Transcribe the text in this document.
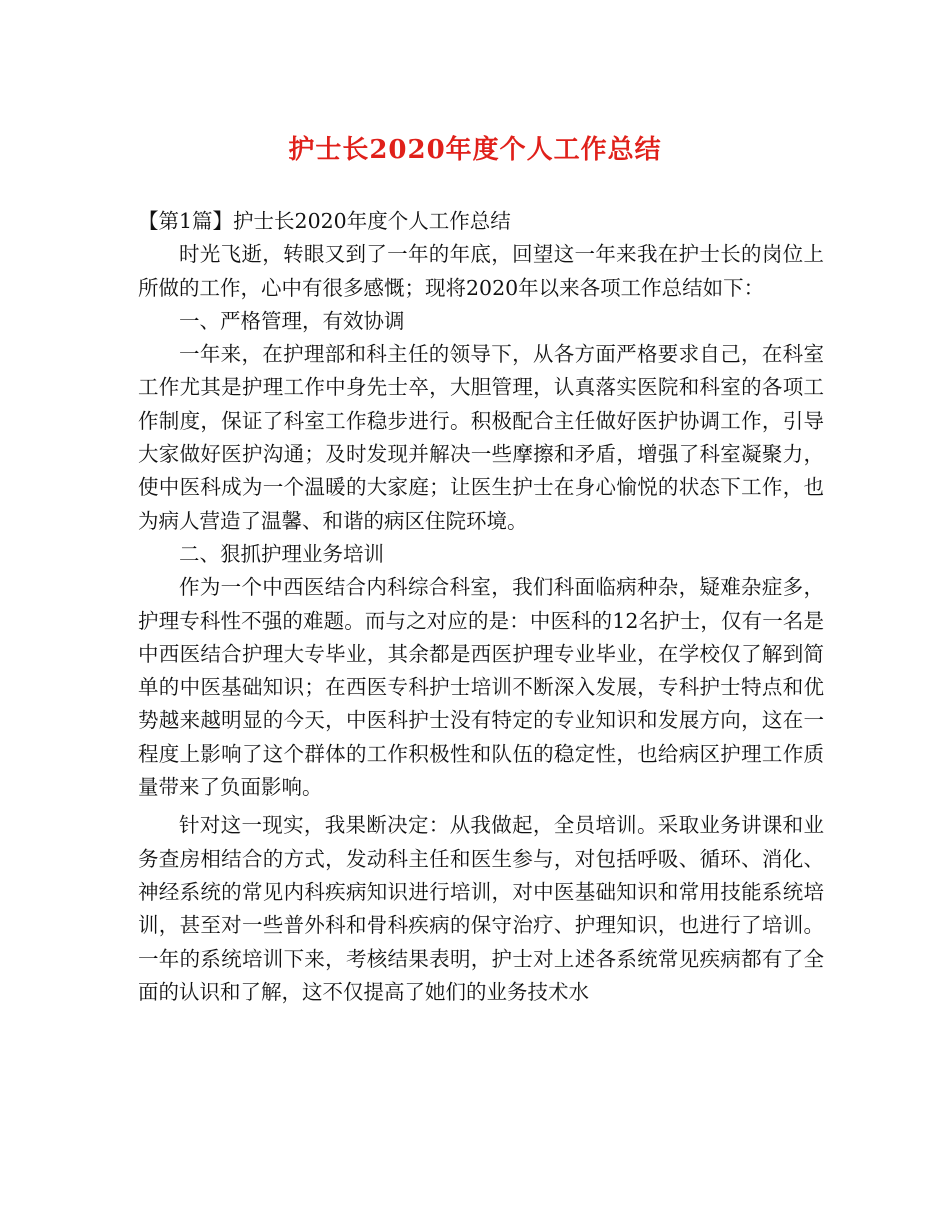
护士长2020年度个人工作总结

【第1篇】护士长2020年度个人工作总结

时光飞逝，转眼又到了一年的年底，回望这一年来我在护士长的岗位上所做的工作，心中有很多感慨；现将2020年以来各项工作总结如下：

一、严格管理，有效协调

一年来，在护理部和科主任的领导下，从各方面严格要求自己，在科室工作尤其是护理工作中身先士卒，大胆管理，认真落实医院和科室的各项工作制度，保证了科室工作稳步进行。积极配合主任做好医护协调工作，引导大家做好医护沟通；及时发现并解决一些摩擦和矛盾，增强了科室凝聚力，使中医科成为一个温暖的大家庭；让医生护士在身心愉悦的状态下工作，也为病人营造了温馨、和谐的病区住院环境。

二、狠抓护理业务培训

作为一个中西医结合内科综合科室，我们科面临病种杂，疑难杂症多，护理专科性不强的难题。而与之对应的是：中医科的12名护士，仅有一名是中西医结合护理大专毕业，其余都是西医护理专业毕业，在学校仅了解到简单的中医基础知识；在西医专科护士培训不断深入发展，专科护士特点和优势越来越明显的今天，中医科护士没有特定的专业知识和发展方向，这在一程度上影响了这个群体的工作积极性和队伍的稳定性，也给病区护理工作质量带来了负面影响。

针对这一现实，我果断决定：从我做起，全员培训。采取业务讲课和业务查房相结合的方式，发动科主任和医生参与，对包括呼吸、循环、消化、神经系统的常见内科疾病知识进行培训，对中医基础知识和常用技能系统培训，甚至对一些普外科和骨科疾病的保守治疗、护理知识，也进行了培训。一年的系统培训下来，考核结果表明，护士对上述各系统常见疾病都有了全面的认识和了解，这不仅提高了她们的业务技术水
